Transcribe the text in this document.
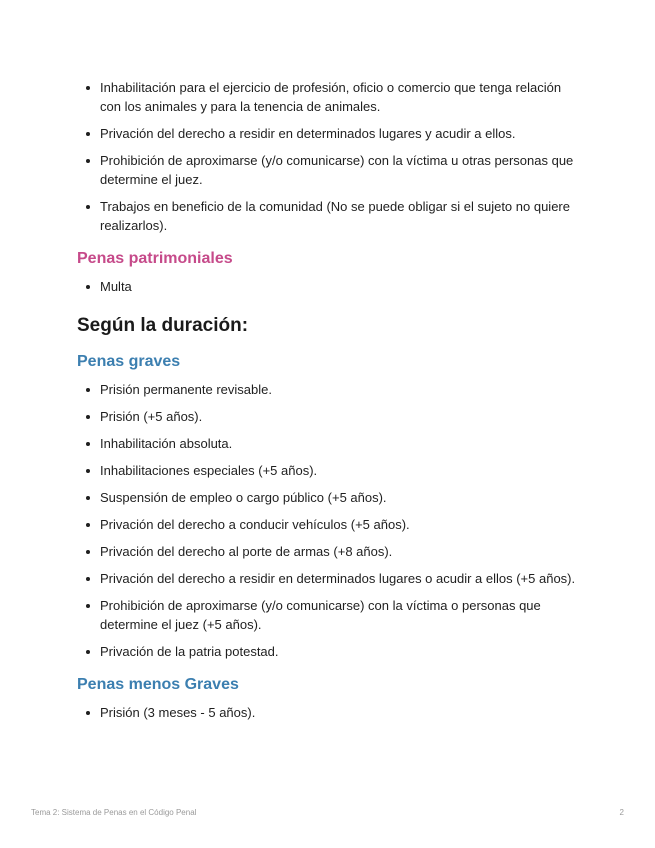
Inhabilitación para el ejercicio de profesión, oficio o comercio que tenga relación con los animales y para la tenencia de animales.
Privación del derecho a residir en determinados lugares y acudir a ellos.
Prohibición de aproximarse (y/o comunicarse) con la víctima u otras personas que determine el juez.
Trabajos en beneficio de la comunidad (No se puede obligar si el sujeto no quiere realizarlos).
Penas patrimoniales
Multa
Según la duración:
Penas graves
Prisión permanente revisable.
Prisión (+5 años).
Inhabilitación absoluta.
Inhabilitaciones especiales (+5 años).
Suspensión de empleo o cargo público (+5 años).
Privación del derecho a conducir vehículos (+5 años).
Privación del derecho al porte de armas (+8 años).
Privación del derecho a residir en determinados lugares o acudir a ellos (+5 años).
Prohibición de aproximarse (y/o comunicarse) con la víctima o personas que determine el juez (+5 años).
Privación de la patria potestad.
Penas menos Graves
Prisión (3 meses - 5 años).
Tema 2: Sistema de Penas en el Código Penal	2
